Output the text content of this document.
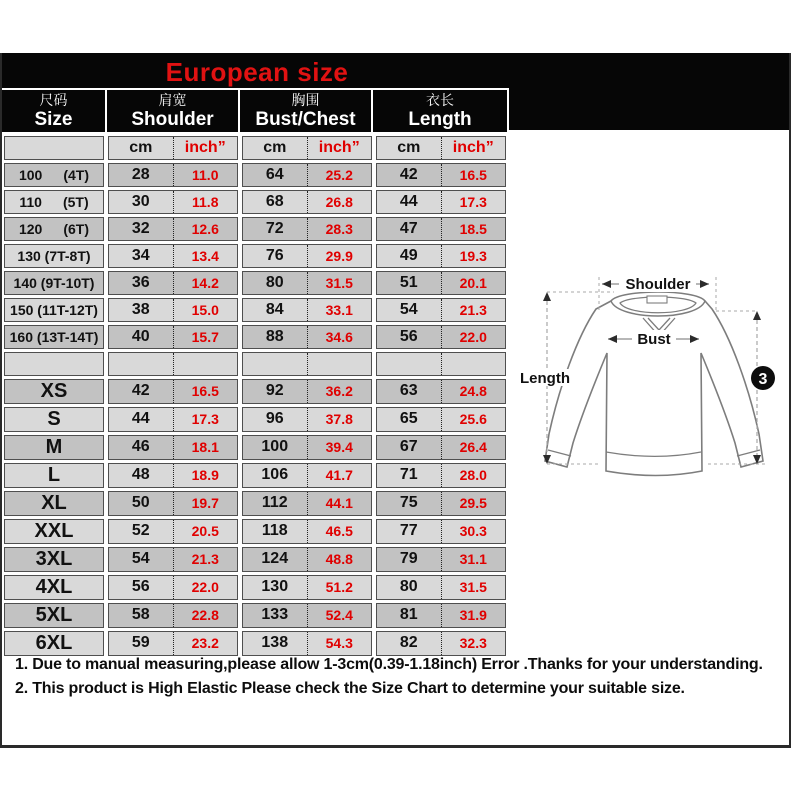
European size
尺码
Size
肩宽
Shoulder
胸围
Bust/Chest
衣长
Length

cm	inch”	cm	inch”	cm	inch”

100  (4T)	28	11.0	64	25.2	42	16.5

110  (5T)	30	11.8	68	26.8	44	17.3

120  (6T)	32	12.6	72	28.3	47	18.5

130 (7T-8T)	34	13.4	76	29.9	49	19.3

140 (9T-10T)	36	14.2	80	31.5	51	20.1

150 (11T-12T)	38	15.0	84	33.1	54	21.3

160 (13T-14T)	40	15.7	88	34.6	56	22.0

XS	42	16.5	92	36.2	63	24.8

S	44	17.3	96	37.8	65	25.6

M	46	18.1	100	39.4	67	26.4

L	48	18.9	106	41.7	71	28.0

XL	50	19.7	112	44.1	75	29.5

XXL	52	20.5	118	46.5	77	30.3

3XL	54	21.3	124	48.8	79	31.1

4XL	56	22.0	130	51.2	80	31.5

5XL	58	22.8	133	52.4	81	31.9

6XL	59	23.2	138	54.3	82	32.3
1. Due to manual measuring,please allow 1-3cm(0.39-1.18inch) Error .Thanks for your understanding.
2. This product is High Elastic Please check the Size Chart to determine your suitable size.
Shoulder
Bust
Length	3
